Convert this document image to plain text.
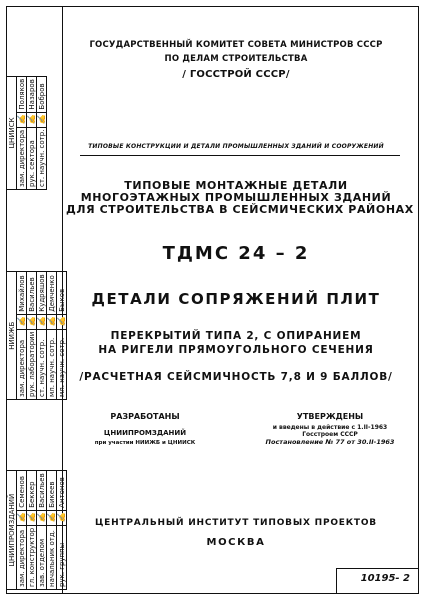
ЦНИИСК		
зам. директора	✍	Поляков
рук. сектора	✍	Назаров
ст. научн. сотр.	✍	Бобров
НИИЖБ		
зам. директора	✍	Михайлов
рук. лаборатории	✍	Васильев
ст. научн. сотр.	✍	Кудряшов
мл. научн. сотр.	✍	Демченко
мл. научн. сотр.	✍	Быков
ЦНИИПРОМЗДАНИЙ		
зам. директора	✍	Семенов
гл. конструктор	✍	Беккер
зав. отделом	✍	Васильев
начальник отд.	✍	Бикеев
рук. группы	✍	Антонов
ГОСУДАРСТВЕННЫЙ КОМИТЕТ СОВЕТА МИНИСТРОВ СССР
ПО ДЕЛАМ СТРОИТЕЛЬСТВА
/ ГОССТРОЙ СССР/
ТИПОВЫЕ КОНСТРУКЦИИ И ДЕТАЛИ ПРОМЫШЛЕННЫХ ЗДАНИЙ И СООРУЖЕНИЙ
ТИПОВЫЕ МОНТАЖНЫЕ ДЕТАЛИ
МНОГОЭТАЖНЫХ ПРОМЫШЛЕННЫХ ЗДАНИЙ
ДЛЯ СТРОИТЕЛЬСТВА В СЕЙСМИЧЕСКИХ РАЙОНАХ
ТДМС 24 – 2
ДЕТАЛИ СОПРЯЖЕНИЙ ПЛИТ
ПЕРЕКРЫТИЙ ТИПА 2, С ОПИРАНИЕМ
НА РИГЕЛИ ПРЯМОУГОЛЬНОГО СЕЧЕНИЯ
/РАСЧЕТНАЯ СЕЙСМИЧНОСТЬ 7,8 И 9 БАЛЛОВ/
РАЗРАБОТАНЫ
ЦНИИПРОМЗДАНИЙ
при участии НИИЖБ и ЦНИИСК
УТВЕРЖДЕНЫ
и введены в действие с 1.II-1963
Госстроем СССР
Постановление № 77 от 30.II-1963
ЦЕНТРАЛЬНЫЙ ИНСТИТУТ ТИПОВЫХ ПРОЕКТОВ
МОСКВА
10195- 2
